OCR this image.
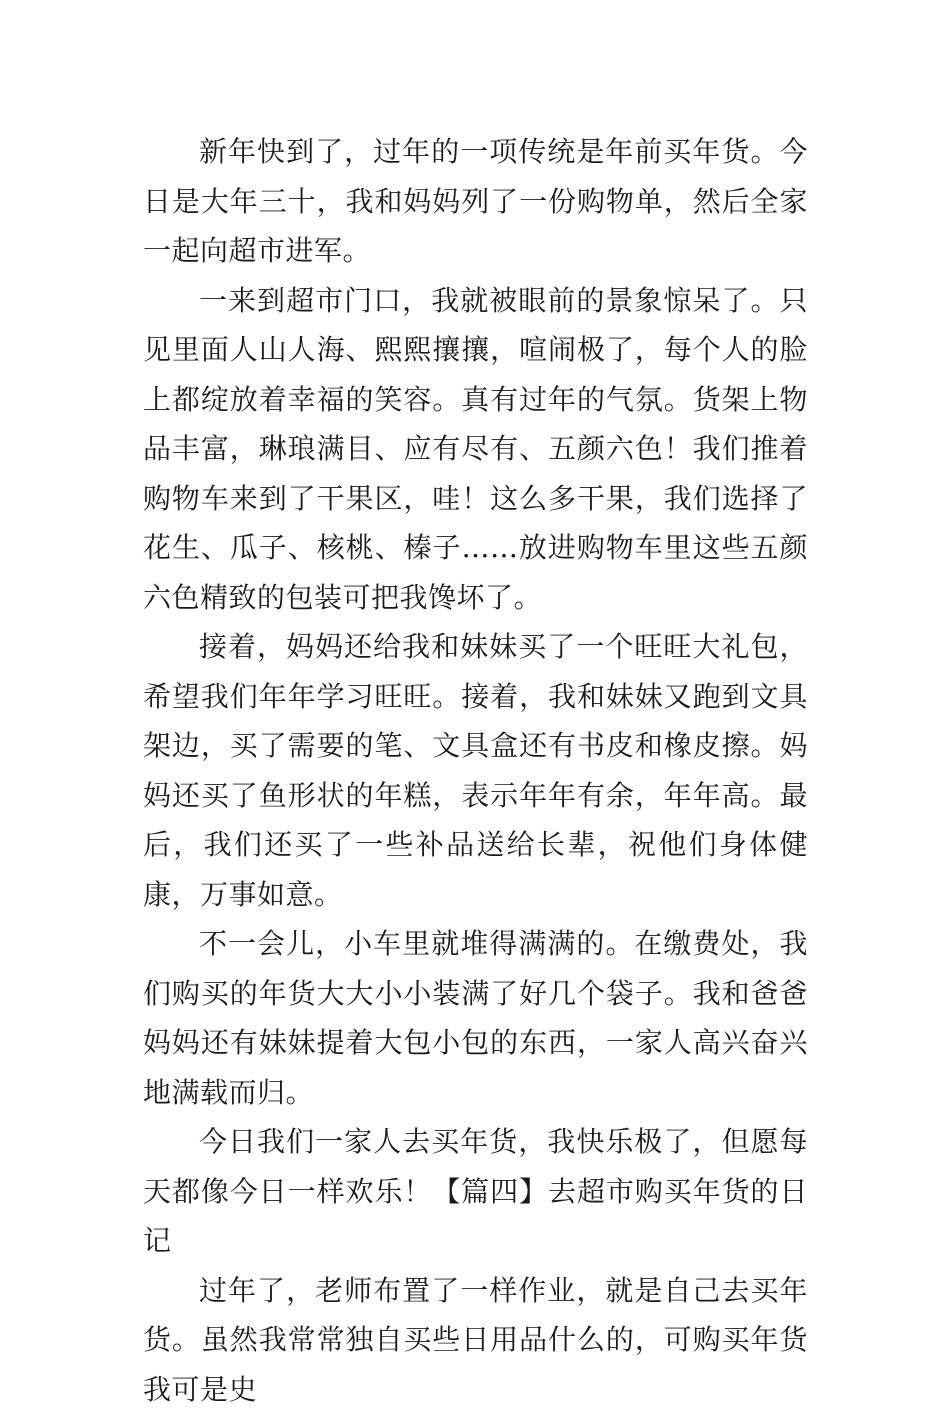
新年快到了，过年的一项传统是年前买年货。今日是大年三十，我和妈妈列了一份购物单，然后全家一起向超市进军。

一来到超市门口，我就被眼前的景象惊呆了。只见里面人山人海、熙熙攘攘，喧闹极了，每个人的脸上都绽放着幸福的笑容。真有过年的气氛。货架上物品丰富，琳琅满目、应有尽有、五颜六色！我们推着购物车来到了干果区，哇！这么多干果，我们选择了花生、瓜子、核桃、榛子……放进购物车里这些五颜六色精致的包装可把我馋坏了。

接着，妈妈还给我和妹妹买了一个旺旺大礼包，希望我们年年学习旺旺。接着，我和妹妹又跑到文具架边，买了需要的笔、文具盒还有书皮和橡皮擦。妈妈还买了鱼形状的年糕，表示年年有余，年年高。最后，我们还买了一些补品送给长辈，祝他们身体健康，万事如意。

不一会儿，小车里就堆得满满的。在缴费处，我们购买的年货大大小小装满了好几个袋子。我和爸爸妈妈还有妹妹提着大包小包的东西，一家人高兴奋兴地满载而归。

今日我们一家人去买年货，我快乐极了，但愿每天都像今日一样欢乐！【篇四】去超市购买年货的日记

过年了，老师布置了一样作业，就是自己去买年货。虽然我常常独自买些日用品什么的，可购买年货我可是史
